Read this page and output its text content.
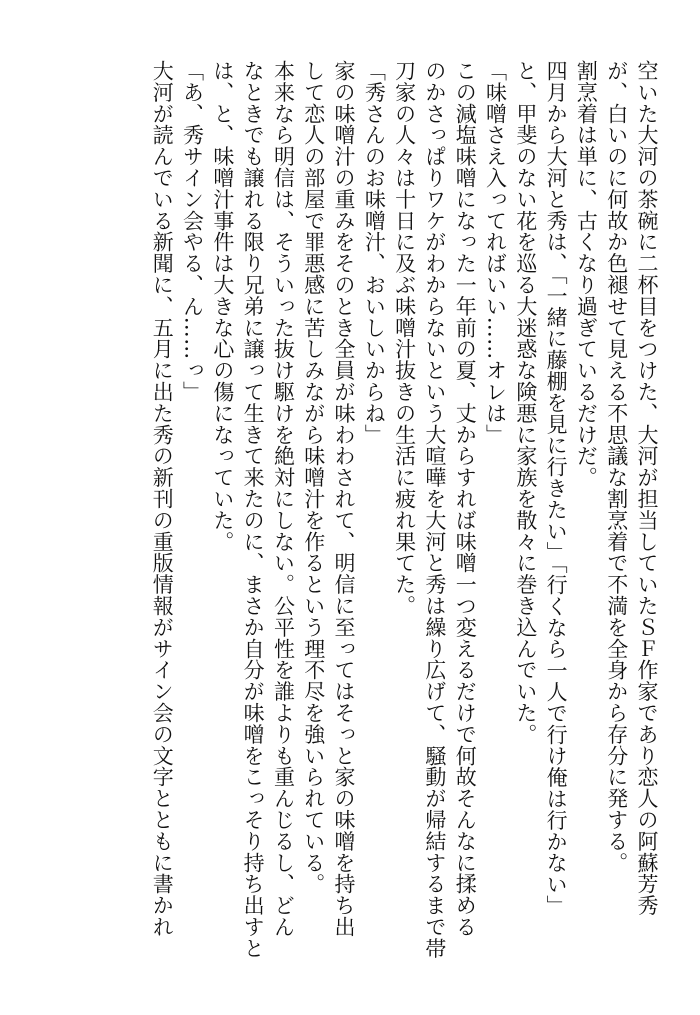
空いた大河の茶碗に二杯目をつけた、大河が担当していたＳＦ作家であり恋人の阿蘇芳秀
が、白いのに何故か色褪せて見える不思議な割烹着で不満を全身から存分に発する。
割烹着は単に、古くなり過ぎているだけだ。
四月から大河と秀は、「一緒に藤棚を見に行きたい」「行くなら一人で行け俺は行かない」
と、甲斐のない花を巡る大迷惑な険悪に家族を散々に巻き込んでいた。
「味噌さえ入ってればいい……オレは」
この減塩味噌になった一年前の夏、丈からすれば味噌一つ変えるだけで何故そんなに揉める
のかさっぱりワケがわからないという大喧嘩を大河と秀は繰り広げて、騒動が帰結するまで帯
刀家の人々は十日に及ぶ味噌汁抜きの生活に疲れ果てた。
「秀さんのお味噌汁、おいしいからね」
家の味噌汁の重みをそのとき全員が味わわされて、明信に至ってはそっと家の味噌を持ち出
して恋人の部屋で罪悪感に苦しみながら味噌汁を作るという理不尽を強いられている。
本来なら明信は、そういった抜け駆けを絶対にしない。公平性を誰よりも重んじるし、どん
なときでも譲れる限り兄弟に譲って生きて来たのに、まさか自分が味噌をこっそり持ち出すと
は、と、味噌汁事件は大きな心の傷になっていた。
「あ、秀サイン会やる、ん……っ」
大河が読んでいる新聞に、五月に出た秀の新刊の重版情報がサイン会の文字とともに書かれ
